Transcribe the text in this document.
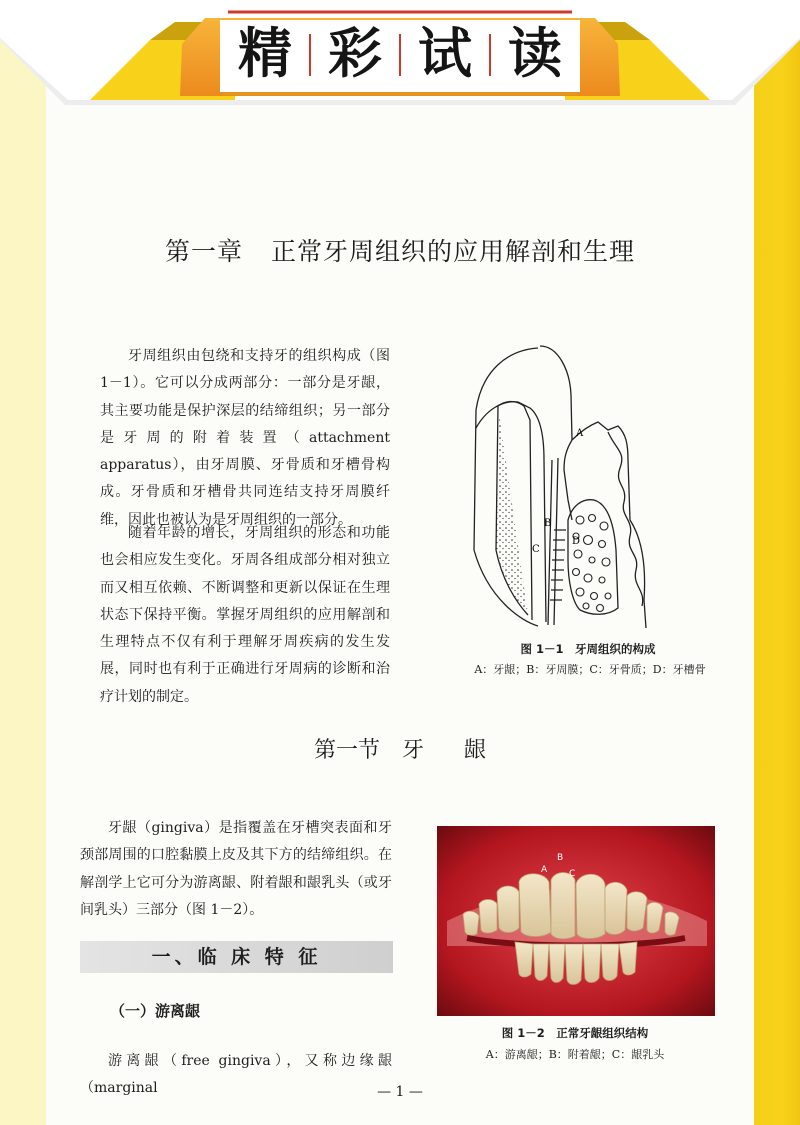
精 彩 试 读
第一章 正常牙周组织的应用解剖和生理

牙周组织由包绕和支持牙的组织构成（图 1－1）。它可以分成两部分：一部分是牙龈，其主要功能是保护深层的结缔组织；另一部分是牙周的附着装置（attachment apparatus），由牙周膜、牙骨质和牙槽骨构成。牙骨质和牙槽骨共同连结支持牙周膜纤维，因此也被认为是牙周组织的一部分。

随着年龄的增长，牙周组织的形态和功能也会相应发生变化。牙周各组成部分相对独立而又相互依赖、不断调整和更新以保证在生理状态下保持平衡。掌握牙周组织的应用解剖和生理特点不仅有利于理解牙周疾病的发生发展，同时也有利于正确进行牙周病的诊断和治疗计划的制定。

A
B
C
D
图 1－1　牙周组织的构成
A：牙龈；B：牙周膜；C：牙骨质；D：牙槽骨
第一节 牙 龈

牙龈（gingiva）是指覆盖在牙槽突表面和牙颈部周围的口腔黏膜上皮及其下方的结缔组织。在解剖学上它可分为游离龈、附着龈和龈乳头（或牙间乳头）三部分（图 1－2）。

A
B
C
图 1－2　正常牙龈组织结构
A：游离龈；B：附着龈；C：龈乳头
一、临 床 特 征
（一）游离龈

游离龈（free gingiva），又称边缘龈（marginal	— 1 —
